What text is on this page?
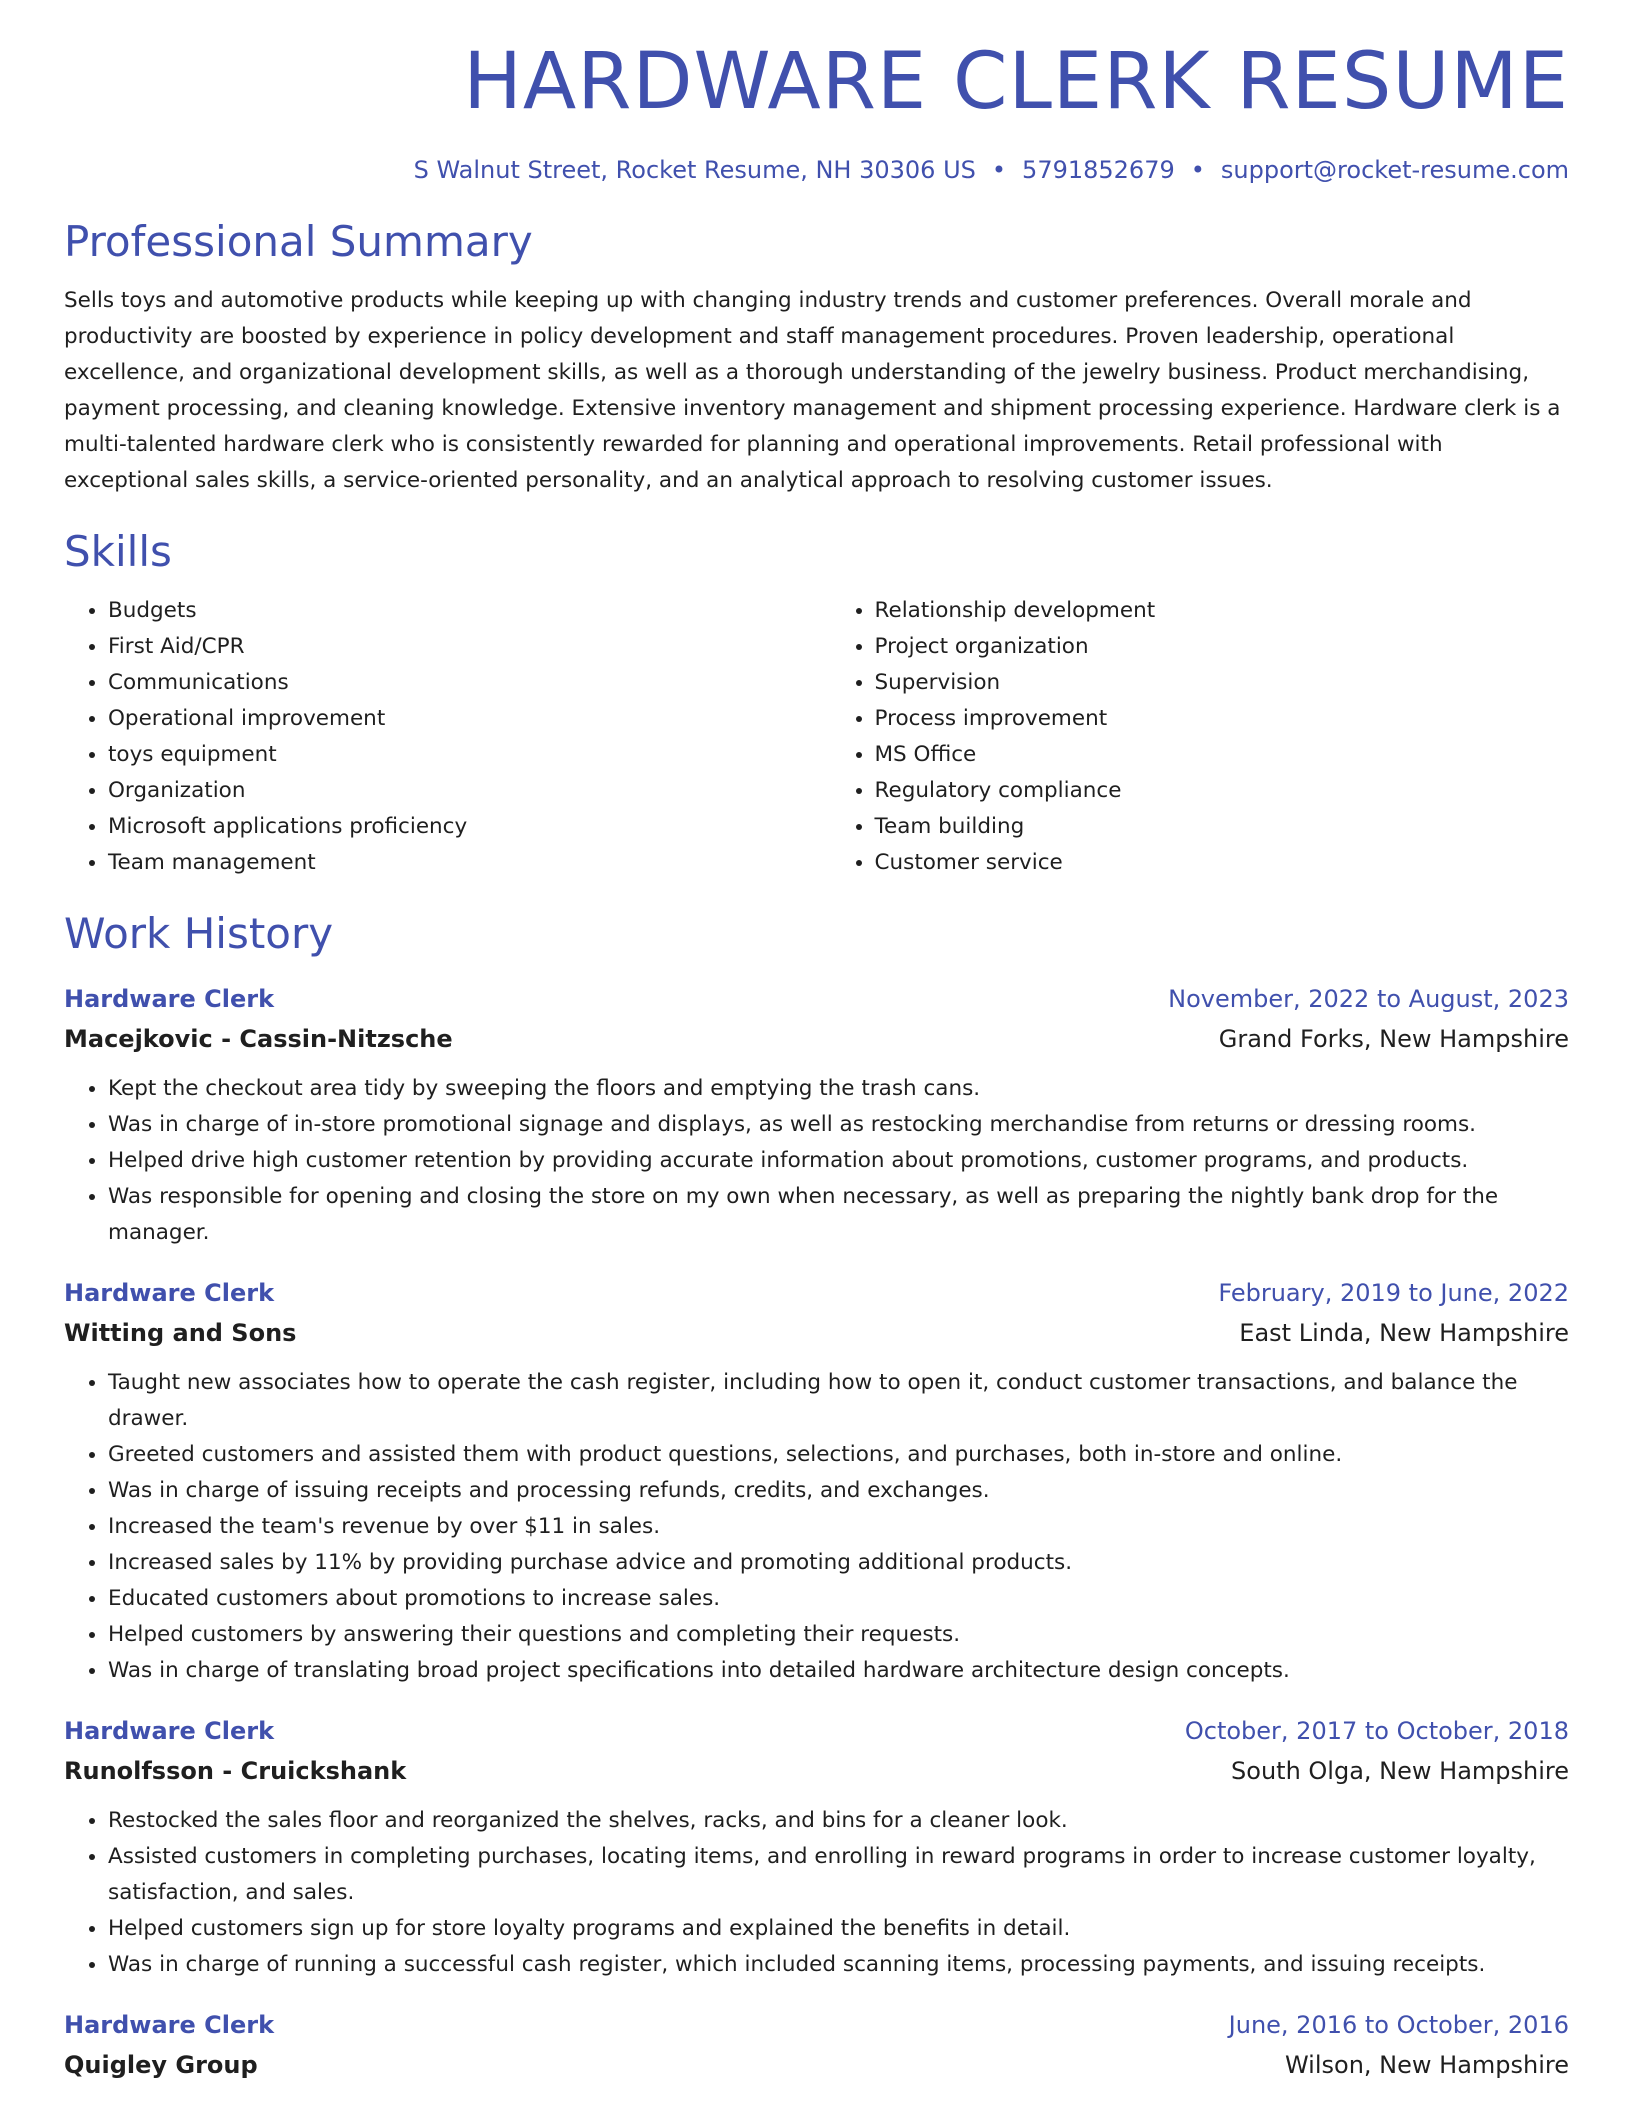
HARDWARE CLERK RESUME
S Walnut Street, Rocket Resume, NH 30306 US • 5791852679 • support@rocket-resume.com
Professional Summary

Sells toys and automotive products while keeping up with changing industry trends and customer preferences. Overall morale and productivity are boosted by experience in policy development and staff management procedures. Proven leadership, operational excellence, and organizational development skills, as well as a thorough understanding of the jewelry business. Product merchandising, payment processing, and cleaning knowledge. Extensive inventory management and shipment processing experience. Hardware clerk is a multi-talented hardware clerk who is consistently rewarded for planning and operational improvements. Retail professional with exceptional sales skills, a service-oriented personality, and an analytical approach to resolving customer issues.

Skills
• Budgets
• First Aid/CPR
• Communications
• Operational improvement
• toys equipment
• Organization
• Microsoft applications proficiency
• Team management
• Relationship development
• Project organization
• Supervision
• Process improvement
• MS Office
• Regulatory compliance
• Team building
• Customer service
Work History
Hardware Clerk	November, 2022 to August, 2023
Macejkovic - Cassin-Nitzsche	Grand Forks, New Hampshire
• Kept the checkout area tidy by sweeping the floors and emptying the trash cans.
• Was in charge of in-store promotional signage and displays, as well as restocking merchandise from returns or dressing rooms.
• Helped drive high customer retention by providing accurate information about promotions, customer programs, and products.
• Was responsible for opening and closing the store on my own when necessary, as well as preparing the nightly bank drop for the manager.
Hardware Clerk	February, 2019 to June, 2022
Witting and Sons	East Linda, New Hampshire
• Taught new associates how to operate the cash register, including how to open it, conduct customer transactions, and balance the drawer.
• Greeted customers and assisted them with product questions, selections, and purchases, both in-store and online.
• Was in charge of issuing receipts and processing refunds, credits, and exchanges.
• Increased the team's revenue by over $11 in sales.
• Increased sales by 11% by providing purchase advice and promoting additional products.
• Educated customers about promotions to increase sales.
• Helped customers by answering their questions and completing their requests.
• Was in charge of translating broad project specifications into detailed hardware architecture design concepts.
Hardware Clerk	October, 2017 to October, 2018
Runolfsson - Cruickshank	South Olga, New Hampshire
• Restocked the sales floor and reorganized the shelves, racks, and bins for a cleaner look.
• Assisted customers in completing purchases, locating items, and enrolling in reward programs in order to increase customer loyalty, satisfaction, and sales.
• Helped customers sign up for store loyalty programs and explained the benefits in detail.
• Was in charge of running a successful cash register, which included scanning items, processing payments, and issuing receipts.
Hardware Clerk	June, 2016 to October, 2016
Quigley Group	Wilson, New Hampshire
